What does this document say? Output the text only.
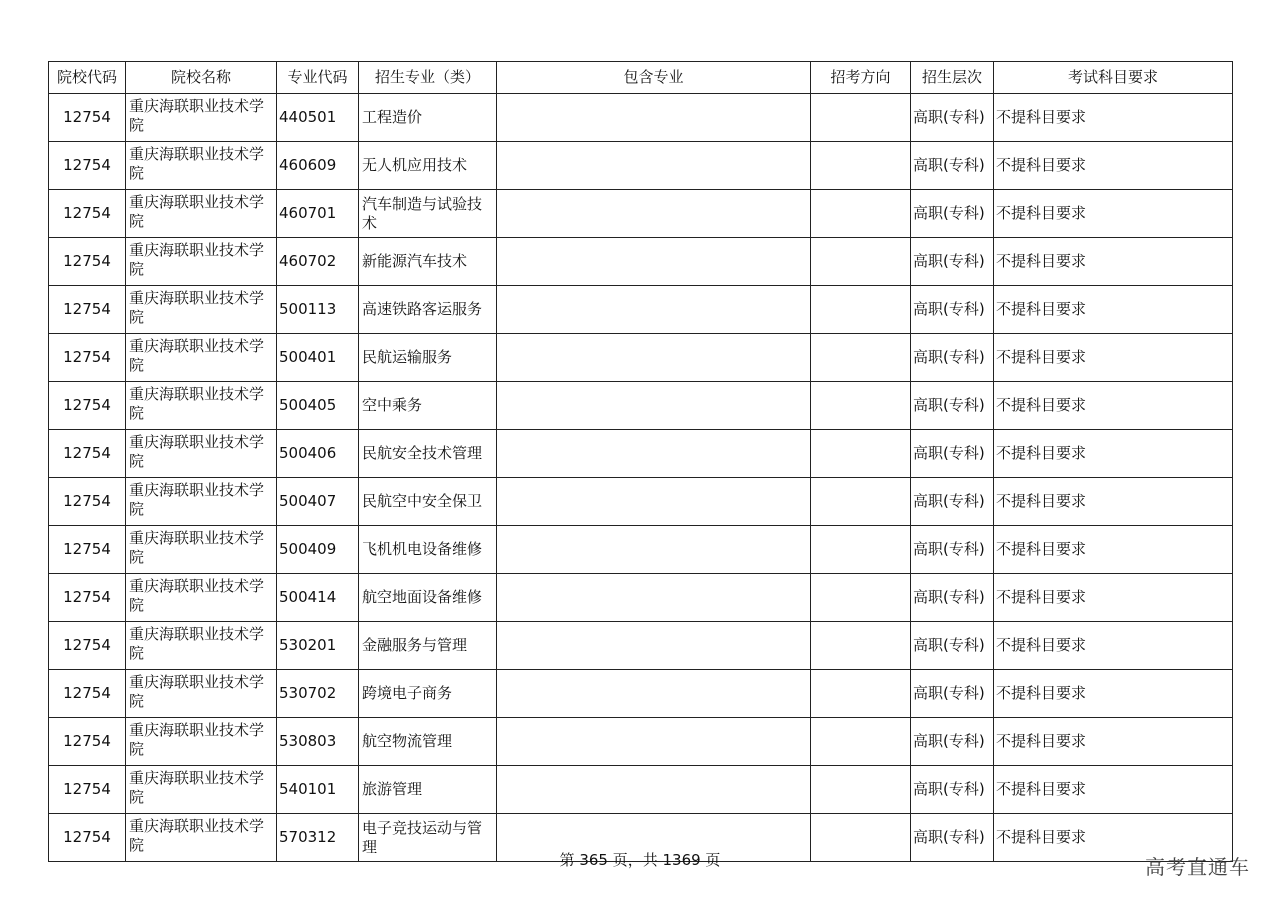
院校代码	院校名称	专业代码	招生专业（类）	包含专业	招考方向	招生层次	考试科目要求
12754	重庆海联职业技术学院	440501	工程造价			高职(专科)	不提科目要求
12754	重庆海联职业技术学院	460609	无人机应用技术			高职(专科)	不提科目要求
12754	重庆海联职业技术学院	460701	汽车制造与试验技术			高职(专科)	不提科目要求
12754	重庆海联职业技术学院	460702	新能源汽车技术			高职(专科)	不提科目要求
12754	重庆海联职业技术学院	500113	高速铁路客运服务			高职(专科)	不提科目要求
12754	重庆海联职业技术学院	500401	民航运输服务			高职(专科)	不提科目要求
12754	重庆海联职业技术学院	500405	空中乘务			高职(专科)	不提科目要求
12754	重庆海联职业技术学院	500406	民航安全技术管理			高职(专科)	不提科目要求
12754	重庆海联职业技术学院	500407	民航空中安全保卫			高职(专科)	不提科目要求
12754	重庆海联职业技术学院	500409	飞机机电设备维修			高职(专科)	不提科目要求
12754	重庆海联职业技术学院	500414	航空地面设备维修			高职(专科)	不提科目要求
12754	重庆海联职业技术学院	530201	金融服务与管理			高职(专科)	不提科目要求
12754	重庆海联职业技术学院	530702	跨境电子商务			高职(专科)	不提科目要求
12754	重庆海联职业技术学院	530803	航空物流管理			高职(专科)	不提科目要求
12754	重庆海联职业技术学院	540101	旅游管理			高职(专科)	不提科目要求
12754	重庆海联职业技术学院	570312	电子竞技运动与管理			高职(专科)	不提科目要求
第 365 页，共 1369 页	高考直通车
